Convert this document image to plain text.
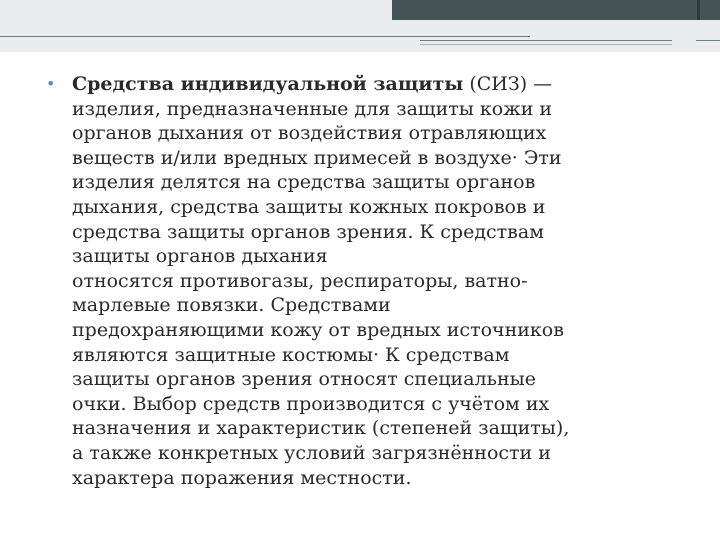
• Средства индивидуальной защиты (СИЗ) —
изделия, предназначенные для защиты кожи и
органов дыхания от воздействия отравляющих
веществ и/или вредных примесей в воздухе· Эти
изделия делятся на средства защиты органов
дыхания, средства защиты кожных покровов и
средства защиты органов зрения. К средствам
защиты органов дыхания
относятся противогазы, респираторы, ватно-
марлевые повязки. Средствами
предохраняющими кожу от вредных источников
являются защитные костюмы· К средствам
защиты органов зрения относят специальные
очки. Выбор средств производится с учётом их
назначения и характеристик (степеней защиты),
а также конкретных условий загрязнённости и
характера поражения местности.
